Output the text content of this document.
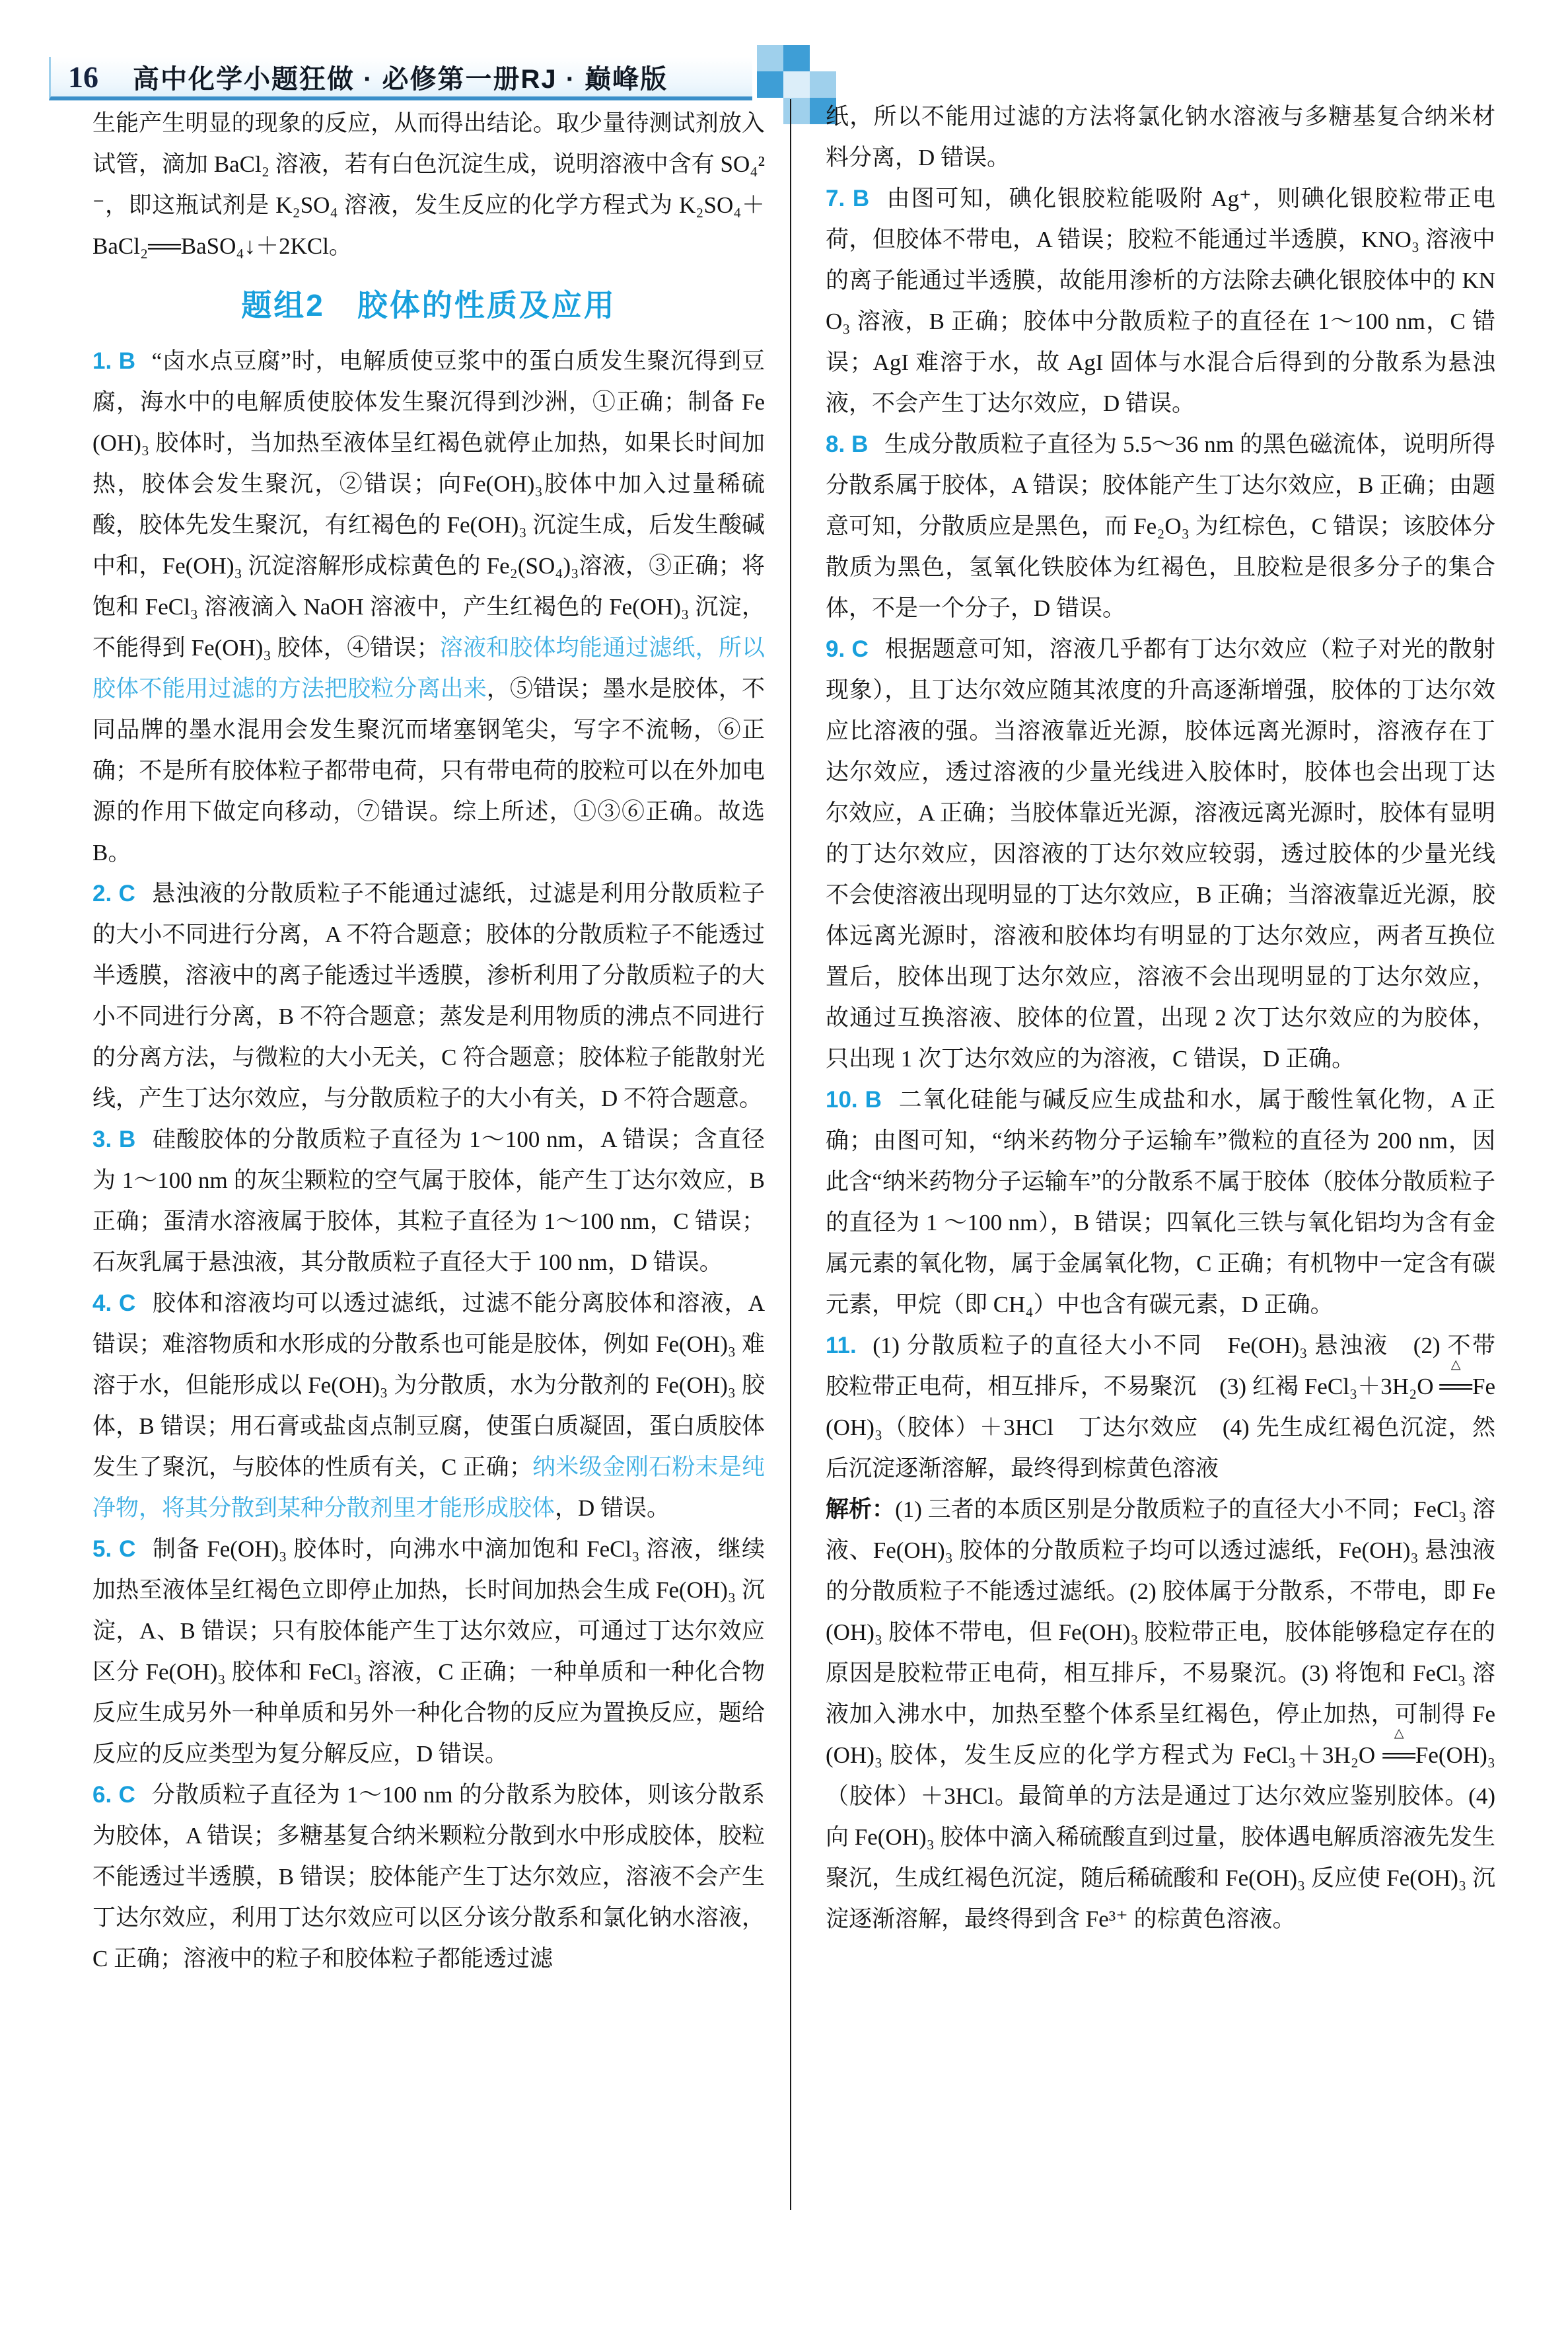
16 高中化学小题狂做 · 必修第一册RJ · 巅峰版

生能产生明显的现象的反应，从而得出结论。取少量待测试剂放入试管，滴加 BaCl₂ 溶液，若有白色沉淀生成，说明溶液中含有 SO₄²⁻，即这瓶试剂是 K₂SO₄ 溶液，发生反应的化学方程式为 K₂SO₄＋BaCl₂══BaSO₄↓＋2KCl。

题组2　胶体的性质及应用

1. B “卤水点豆腐”时，电解质使豆浆中的蛋白质发生聚沉得到豆腐，海水中的电解质使胶体发生聚沉得到沙洲，①正确；制备 Fe(OH)₃ 胶体时，当加热至液体呈红褐色就停止加热，如果长时间加热，胶体会发生聚沉，②错误；向Fe(OH)₃胶体中加入过量稀硫酸，胶体先发生聚沉，有红褐色的 Fe(OH)₃ 沉淀生成，后发生酸碱中和，Fe(OH)₃ 沉淀溶解形成棕黄色的 Fe₂(SO₄)₃溶液，③正确；将饱和 FeCl₃ 溶液滴入 NaOH 溶液中，产生红褐色的 Fe(OH)₃ 沉淀，不能得到 Fe(OH)₃ 胶体，④错误；溶液和胶体均能通过滤纸，所以胶体不能用过滤的方法把胶粒分离出来，⑤错误；墨水是胶体，不同品牌的墨水混用会发生聚沉而堵塞钢笔尖，写字不流畅，⑥正确；不是所有胶体粒子都带电荷，只有带电荷的胶粒可以在外加电源的作用下做定向移动，⑦错误。综上所述，①③⑥正确。故选 B。

2. C 悬浊液的分散质粒子不能通过滤纸，过滤是利用分散质粒子的大小不同进行分离，A 不符合题意；胶体的分散质粒子不能透过半透膜，溶液中的离子能透过半透膜，渗析利用了分散质粒子的大小不同进行分离，B 不符合题意；蒸发是利用物质的沸点不同进行的分离方法，与微粒的大小无关，C 符合题意；胶体粒子能散射光线，产生丁达尔效应，与分散质粒子的大小有关，D 不符合题意。

3. B 硅酸胶体的分散质粒子直径为 1～100 nm，A 错误；含直径为 1～100 nm 的灰尘颗粒的空气属于胶体，能产生丁达尔效应，B 正确；蛋清水溶液属于胶体，其粒子直径为 1～100 nm，C 错误；石灰乳属于悬浊液，其分散质粒子直径大于 100 nm，D 错误。

4. C 胶体和溶液均可以透过滤纸，过滤不能分离胶体和溶液，A 错误；难溶物质和水形成的分散系也可能是胶体，例如 Fe(OH)₃ 难溶于水，但能形成以 Fe(OH)₃ 为分散质，水为分散剂的 Fe(OH)₃ 胶体，B 错误；用石膏或盐卤点制豆腐，使蛋白质凝固，蛋白质胶体发生了聚沉，与胶体的性质有关，C 正确；纳米级金刚石粉末是纯净物，将其分散到某种分散剂里才能形成胶体，D 错误。

5. C 制备 Fe(OH)₃ 胶体时，向沸水中滴加饱和 FeCl₃ 溶液，继续加热至液体呈红褐色立即停止加热，长时间加热会生成 Fe(OH)₃ 沉淀，A、B 错误；只有胶体能产生丁达尔效应，可通过丁达尔效应区分 Fe(OH)₃ 胶体和 FeCl₃ 溶液，C 正确；一种单质和一种化合物反应生成另外一种单质和另外一种化合物的反应为置换反应，题给反应的反应类型为复分解反应，D 错误。

6. C 分散质粒子直径为 1～100 nm 的分散系为胶体，则该分散系为胶体，A 错误；多糖基复合纳米颗粒分散到水中形成胶体，胶粒不能透过半透膜，B 错误；胶体能产生丁达尔效应，溶液不会产生丁达尔效应，利用丁达尔效应可以区分该分散系和氯化钠水溶液，C 正确；溶液中的粒子和胶体粒子都能透过滤

纸，所以不能用过滤的方法将氯化钠水溶液与多糖基复合纳米材料分离，D 错误。

7. B 由图可知，碘化银胶粒能吸附 Ag⁺，则碘化银胶粒带正电荷，但胶体不带电，A 错误；胶粒不能通过半透膜，KNO₃ 溶液中的离子能通过半透膜，故能用渗析的方法除去碘化银胶体中的 KNO₃ 溶液，B 正确；胶体中分散质粒子的直径在 1～100 nm，C 错误；AgI 难溶于水，故 AgI 固体与水混合后得到的分散系为悬浊液，不会产生丁达尔效应，D 错误。

8. B 生成分散质粒子直径为 5.5～36 nm 的黑色磁流体，说明所得分散系属于胶体，A 错误；胶体能产生丁达尔效应，B 正确；由题意可知，分散质应是黑色，而 Fe₂O₃ 为红棕色，C 错误；该胶体分散质为黑色，氢氧化铁胶体为红褐色，且胶粒是很多分子的集合体，不是一个分子，D 错误。

9. C 根据题意可知，溶液几乎都有丁达尔效应（粒子对光的散射现象），且丁达尔效应随其浓度的升高逐渐增强，胶体的丁达尔效应比溶液的强。当溶液靠近光源，胶体远离光源时，溶液存在丁达尔效应，透过溶液的少量光线进入胶体时，胶体也会出现丁达尔效应，A 正确；当胶体靠近光源，溶液远离光源时，胶体有显明的丁达尔效应，因溶液的丁达尔效应较弱，透过胶体的少量光线不会使溶液出现明显的丁达尔效应，B 正确；当溶液靠近光源，胶体远离光源时，溶液和胶体均有明显的丁达尔效应，两者互换位置后，胶体出现丁达尔效应，溶液不会出现明显的丁达尔效应，故通过互换溶液、胶体的位置，出现 2 次丁达尔效应的为胶体，只出现 1 次丁达尔效应的为溶液，C 错误，D 正确。

10. B 二氧化硅能与碱反应生成盐和水，属于酸性氧化物，A 正确；由图可知，“纳米药物分子运输车”微粒的直径为 200 nm，因此含“纳米药物分子运输车”的分散系不属于胶体（胶体分散质粒子的直径为 1 ～100 nm），B 错误；四氧化三铁与氧化铝均为含有金属元素的氧化物，属于金属氧化物，C 正确；有机物中一定含有碳元素，甲烷（即 CH₄）中也含有碳元素，D 正确。

11. (1) 分散质粒子的直径大小不同　Fe(OH)₃ 悬浊液　(2) 不带　胶粒带正电荷，相互排斥，不易聚沉　(3) 红褐 FeCl₃＋3H₂O ══
△
Fe(OH)₃（胶体）＋3HCl　丁达尔效应　(4) 先生成红褐色沉淀，然后沉淀逐渐溶解，最终得到棕黄色溶液

解析：(1) 三者的本质区别是分散质粒子的直径大小不同；FeCl₃ 溶液、Fe(OH)₃ 胶体的分散质粒子均可以透过滤纸，Fe(OH)₃ 悬浊液的分散质粒子不能透过滤纸。(2) 胶体属于分散系，不带电，即 Fe(OH)₃ 胶体不带电，但 Fe(OH)₃ 胶粒带正电，胶体能够稳定存在的原因是胶粒带正电荷，相互排斥，不易聚沉。(3) 将饱和 FeCl₃ 溶液加入沸水中，加热至整个体系呈红褐色，停止加热，可制得 Fe(OH)₃ 胶体，发生反应的化学方程式为 FeCl₃＋3H₂O ══
△
Fe(OH)₃（胶体）＋3HCl。最简单的方法是通过丁达尔效应鉴别胶体。(4) 向 Fe(OH)₃ 胶体中滴入稀硫酸直到过量，胶体遇电解质溶液先发生聚沉，生成红褐色沉淀，随后稀硫酸和 Fe(OH)₃ 反应使 Fe(OH)₃ 沉淀逐渐溶解，最终得到含 Fe³⁺ 的棕黄色溶液。
